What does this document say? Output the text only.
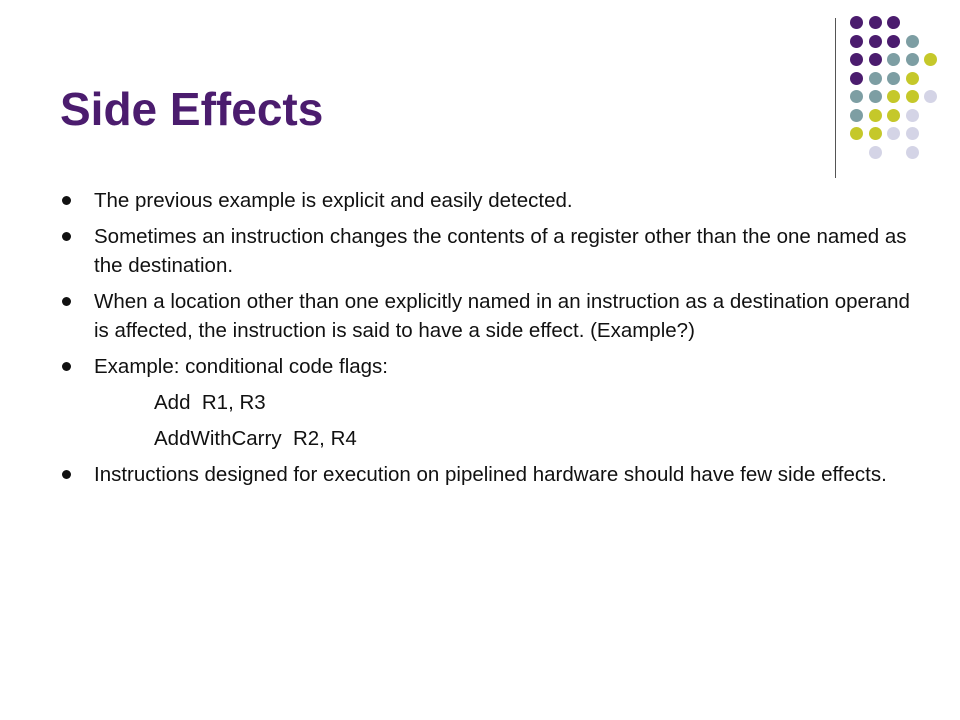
Side Effects
The previous example is explicit and easily detected.
Sometimes an instruction changes the contents of a register other than the one named as the destination.
When a location other than one explicitly named in an instruction as a destination operand is affected, the instruction is said to have a side effect. (Example?)
Example: conditional code flags:
Add  R1, R3
AddWithCarry  R2, R4
Instructions designed for execution on pipelined hardware should have few side effects.
